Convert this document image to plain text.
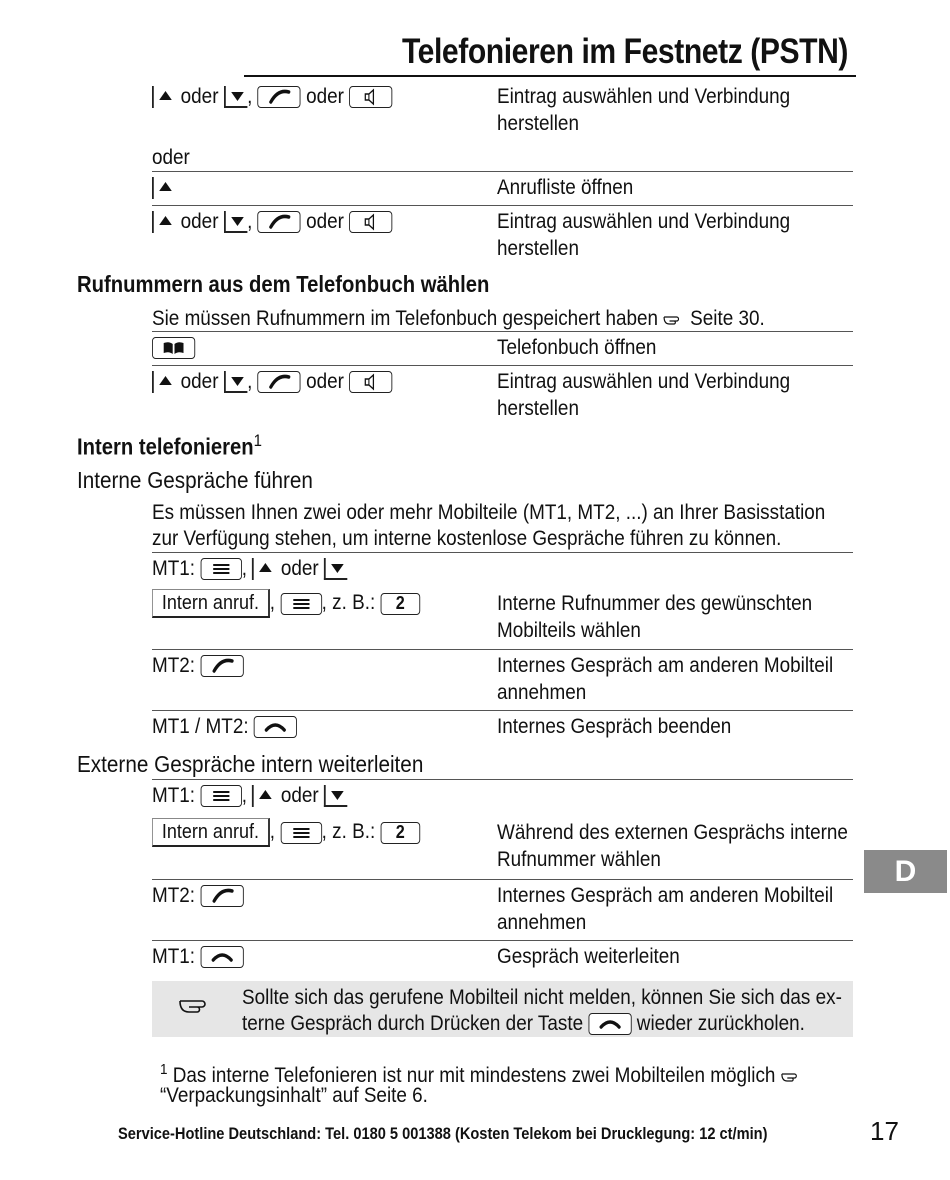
Telefonieren im Festnetz (PSTN)
oder ,	oder	Eintrag auswählen und Verbindung herstellen
oder
Anrufliste öffnen
oder ,	oder	Eintrag auswählen und Verbindung herstellen
Rufnummern aus dem Telefonbuch wählen
Sie müssen Rufnummern im Telefonbuch gespeichert haben Seite 30.
Telefonbuch öffnen
oder ,	oder	Eintrag auswählen und Verbindung herstellen
Intern telefonieren$^1$
Interne Gespräche führen
Es müssen Ihnen zwei oder mehr Mobilteile (MT1, MT2, ...) an Ihrer Basisstation
zur Verfügung stehen, um interne kostenlose Gespräche führen zu können.
MT1: , oder
Intern anruf. , , z. B.: 2	Interne Rufnummer des gewünschten Mobilteils wählen
MT2:	Internes Gespräch am anderen Mobilteil annehmen
MT1 / MT2:	Internes Gespräch beenden
Externe Gespräche intern weiterleiten
MT1: , oder
Intern anruf. , , z. B.: 2	Während des externen Gesprächs interne Rufnummer wählen
MT2:	Internes Gespräch am anderen Mobilteil annehmen
MT1:	Gespräch weiterleiten
Sollte sich das gerufene Mobilteil nicht melden, können Sie sich das ex-
terne Gespräch durch Drücken der Taste	wieder zurückholen.
$^1$ Das interne Telefonieren ist nur mit mindestens zwei Mobilteilen möglich
“Verpackungsinhalt” auf Seite 6.
D
Service-Hotline Deutschland: Tel. 0180 5 001388 (Kosten Telekom bei Drucklegung: 12 ct/min)	17
